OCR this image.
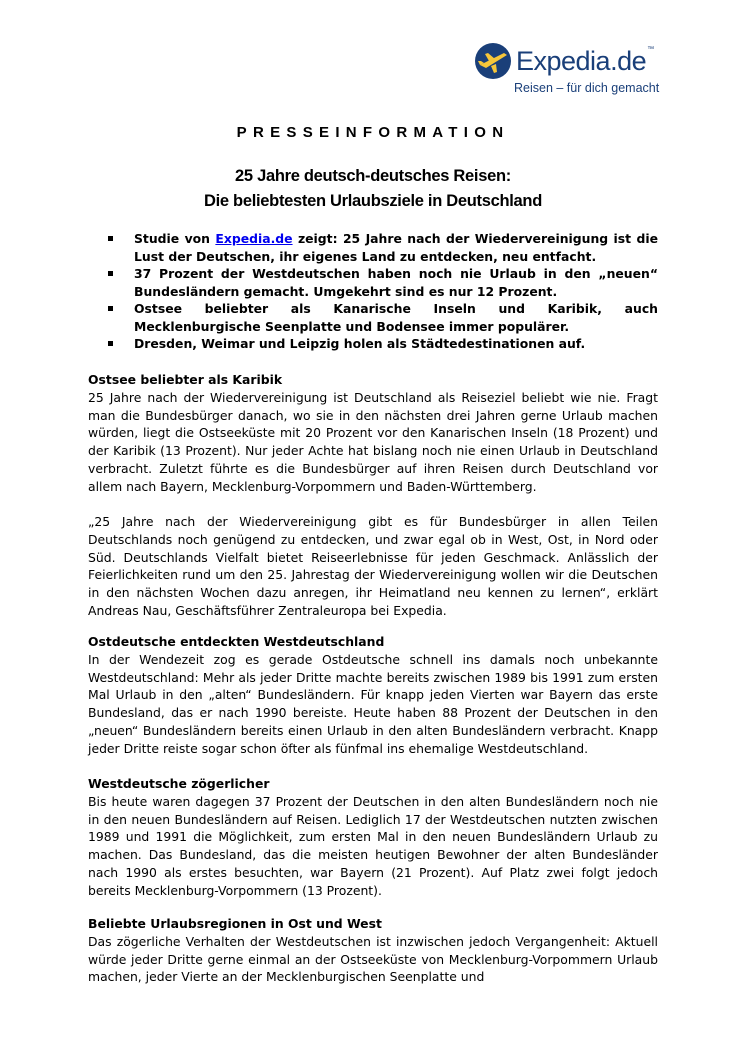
Expedia.de™
Reisen – für dich gemacht
PRESSEINFORMATION
25 Jahre deutsch-deutsches Reisen:
Die beliebtesten Urlaubsziele in Deutschland
Studie von Expedia.de zeigt: 25 Jahre nach der Wiedervereinigung ist die Lust der Deutschen, ihr eigenes Land zu entdecken, neu entfacht.
37 Prozent der Westdeutschen haben noch nie Urlaub in den „neuen“ Bundesländern gemacht. Umgekehrt sind es nur 12 Prozent.
Ostsee beliebter als Kanarische Inseln und Karibik, auch Mecklenburgische Seenplatte und Bodensee immer populärer.
Dresden, Weimar und Leipzig holen als Städtedestinationen auf.
Ostsee beliebter als Karibik

25 Jahre nach der Wiedervereinigung ist Deutschland als Reiseziel beliebt wie nie. Fragt man die Bundesbürger danach, wo sie in den nächsten drei Jahren gerne Urlaub machen würden, liegt die Ostseeküste mit 20 Prozent vor den Kanarischen Inseln (18 Prozent) und der Karibik (13 Prozent). Nur jeder Achte hat bislang noch nie einen Urlaub in Deutschland verbracht. Zuletzt führte es die Bundesbürger auf ihren Reisen durch Deutschland vor allem nach Bayern, Mecklenburg-Vorpommern und Baden-Württemberg.

„25 Jahre nach der Wiedervereinigung gibt es für Bundesbürger in allen Teilen Deutschlands noch genügend zu entdecken, und zwar egal ob in West, Ost, in Nord oder Süd. Deutschlands Vielfalt bietet Reiseerlebnisse für jeden Geschmack. Anlässlich der Feierlichkeiten rund um den 25. Jahrestag der Wiedervereinigung wollen wir die Deutschen in den nächsten Wochen dazu anregen, ihr Heimatland neu kennen zu lernen“, erklärt Andreas Nau, Geschäftsführer Zentraleuropa bei Expedia.

Ostdeutsche entdeckten Westdeutschland

In der Wendezeit zog es gerade Ostdeutsche schnell ins damals noch unbekannte Westdeutschland: Mehr als jeder Dritte machte bereits zwischen 1989 bis 1991 zum ersten Mal Urlaub in den „alten“ Bundesländern. Für knapp jeden Vierten war Bayern das erste Bundesland, das er nach 1990 bereiste. Heute haben 88 Prozent der Deutschen in den „neuen“ Bundesländern bereits einen Urlaub in den alten Bundesländern verbracht. Knapp jeder Dritte reiste sogar schon öfter als fünfmal ins ehemalige Westdeutschland.

Westdeutsche zögerlicher

Bis heute waren dagegen 37 Prozent der Deutschen in den alten Bundesländern noch nie in den neuen Bundesländern auf Reisen. Lediglich 17 der Westdeutschen nutzten zwischen 1989 und 1991 die Möglichkeit, zum ersten Mal in den neuen Bundesländern Urlaub zu machen. Das Bundesland, das die meisten heutigen Bewohner der alten Bundesländer nach 1990 als erstes besuchten, war Bayern (21 Prozent). Auf Platz zwei folgt jedoch bereits Mecklenburg-Vorpommern (13 Prozent).

Beliebte Urlaubsregionen in Ost und West

Das zögerliche Verhalten der Westdeutschen ist inzwischen jedoch Vergangenheit: Aktuell würde jeder Dritte gerne einmal an der Ostseeküste von Mecklenburg-Vorpommern Urlaub machen, jeder Vierte an der Mecklenburgischen Seenplatte und
